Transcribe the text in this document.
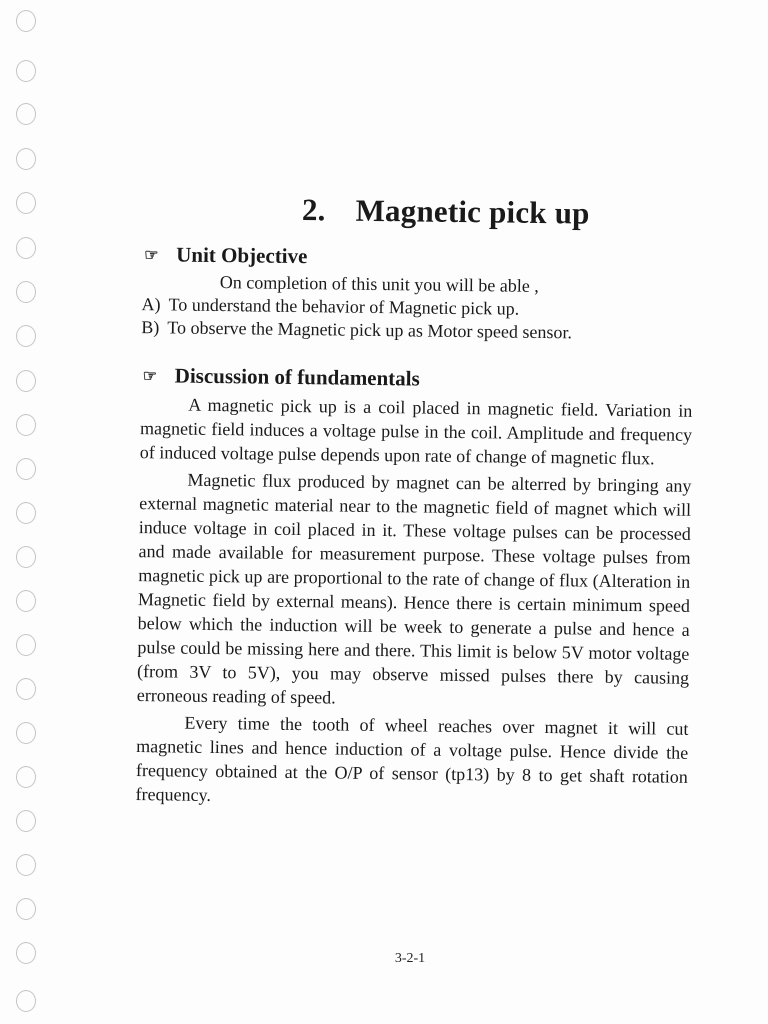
2. Magnetic pick up
☞ Unit Objective
On completion of this unit you will be able ,
A) To understand the behavior of Magnetic pick up.
B) To observe the Magnetic pick up as Motor speed sensor.
☞ Discussion of fundamentals

A magnetic pick up is a coil placed in magnetic field. Variation in magnetic field induces a voltage pulse in the coil. Amplitude and frequency of induced voltage pulse depends upon rate of change of magnetic flux.

Magnetic flux produced by magnet can be alterred by bringing any external magnetic material near to the magnetic field of magnet which will induce voltage in coil placed in it. These voltage pulses can be processed and made available for measurement purpose. These voltage pulses from magnetic pick up are proportional to the rate of change of flux (Alteration in Magnetic field by external means). Hence there is certain minimum speed below which the induction will be week to generate a pulse and hence a pulse could be missing here and there. This limit is below 5V motor voltage (from 3V to 5V), you may observe missed pulses there by causing erroneous reading of speed.

Every time the tooth of wheel reaches over magnet it will cut magnetic lines and hence induction of a voltage pulse. Hence divide the frequency obtained at the O/P of sensor (tp13) by 8 to get shaft rotation frequency.

3-2-1
